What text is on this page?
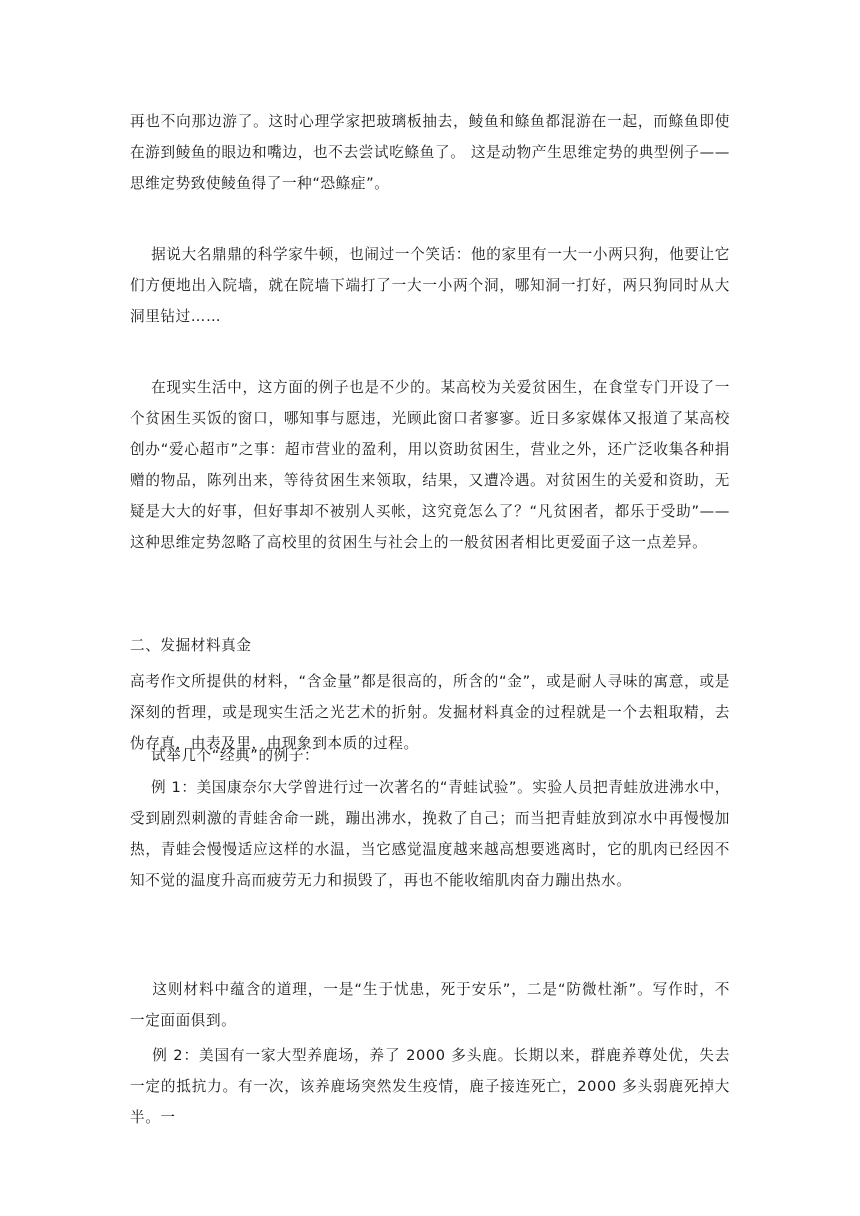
再也不向那边游了。这时心理学家把玻璃板抽去，鲮鱼和鲦鱼都混游在一起，而鲦鱼即使在游到鲮鱼的眼边和嘴边，也不去尝试吃鲦鱼了。 这是动物产生思维定势的典型例子——思维定势致使鲮鱼得了一种“恐鲦症”。
据说大名鼎鼎的科学家牛顿，也闹过一个笑话：他的家里有一大一小两只狗，他要让它们方便地出入院墙，就在院墙下端打了一大一小两个洞，哪知洞一打好，两只狗同时从大洞里钻过……
在现实生活中，这方面的例子也是不少的。某高校为关爱贫困生，在食堂专门开设了一个贫困生买饭的窗口，哪知事与愿违，光顾此窗口者寥寥。近日多家媒体又报道了某高校创办“爱心超市”之事：超市营业的盈利，用以资助贫困生，营业之外，还广泛收集各种捐赠的物品，陈列出来，等待贫困生来领取，结果，又遭冷遇。对贫困生的关爱和资助，无疑是大大的好事，但好事却不被别人买帐，这究竟怎么了？“凡贫困者，都乐于受助”——这种思维定势忽略了高校里的贫困生与社会上的一般贫困者相比更爱面子这一点差异。
二、发掘材料真金
高考作文所提供的材料，“含金量”都是很高的，所含的“金”，或是耐人寻味的寓意，或是深刻的哲理，或是现实生活之光艺术的折射。发掘材料真金的过程就是一个去粗取精，去伪存真，由表及里，由现象到本质的过程。
试举几个“经典”的例子：
例 1：美国康奈尔大学曾进行过一次著名的“青蛙试验”。实验人员把青蛙放进沸水中，受到剧烈刺激的青蛙舍命一跳，蹦出沸水，挽救了自己；而当把青蛙放到凉水中再慢慢加热，青蛙会慢慢适应这样的水温，当它感觉温度越来越高想要逃离时，它的肌肉已经因不知不觉的温度升高而疲劳无力和损毁了，再也不能收缩肌肉奋力蹦出热水。
这则材料中蕴含的道理，一是“生于忧患，死于安乐”，二是“防微杜渐”。写作时，不一定面面俱到。
例 2：美国有一家大型养鹿场，养了 2000 多头鹿。长期以来，群鹿养尊处优，失去一定的抵抗力。有一次，该养鹿场突然发生疫情，鹿子接连死亡，2000 多头弱鹿死掉大半。一
